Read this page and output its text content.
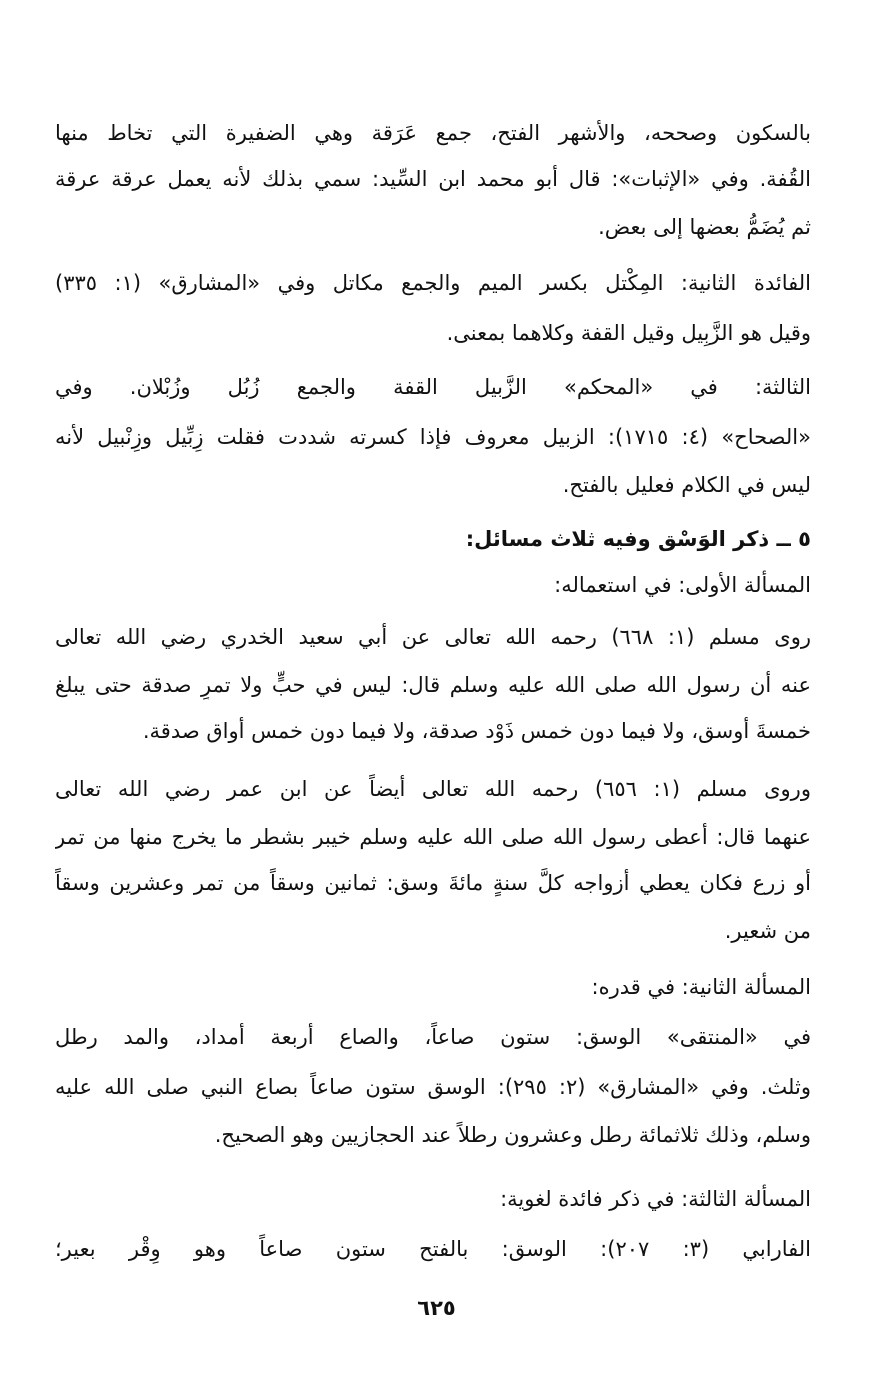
بالسكون وصححه، والأشهر الفتح، جمع عَرَقة وهي الضفيرة التي تخاط منها
القُفة. وفي «الإثبات»: قال أبو محمد ابن السِّيد: سمي بذلك لأنه يعمل عرقة عرقة
ثم يُضَمُّ بعضها إلى بعض.
الفائدة الثانية: المِكْتل بكسر الميم والجمع مكاتل وفي «المشارق» (١: ٣٣٥)
وقيل هو الزَّبِيل وقيل القفة وكلاهما بمعنى.
الثالثة: في «المحكم» الزَّبيل القفة والجمع زُبُل وزُبْلان. وفي
«الصحاح» (٤: ١٧١٥): الزبيل معروف فإذا كسرته شددت فقلت زِبِّيل وزِنْبيل لأنه
ليس في الكلام فعليل بالفتح.
٥ ــ ذكر الوَسْق وفيه ثلاث مسائل:
المسألة الأولى: في استعماله:
روى مسلم (١: ٦٦٨) رحمه الله تعالى عن أبي سعيد الخدري رضي الله تعالى
عنه أن رسول الله صلى الله عليه وسلم قال: ليس في حبٍّ ولا تمرٍ صدقة حتى يبلغ
خمسةَ أوسق، ولا فيما دون خمس ذَوْد صدقة، ولا فيما دون خمس أواق صدقة.
وروى مسلم (١: ٦٥٦) رحمه الله تعالى أيضاً عن ابن عمر رضي الله تعالى
عنهما قال: أعطى رسول الله صلى الله عليه وسلم خيبر بشطر ما يخرج منها من تمر
أو زرع فكان يعطي أزواجه كلَّ سنةٍ مائةَ وسق: ثمانين وسقاً من تمر وعشرين وسقاً
من شعير.
المسألة الثانية: في قدره:
في «المنتقى» الوسق: ستون صاعاً، والصاع أربعة أمداد، والمد رطل
وثلث. وفي «المشارق» (٢: ٢٩٥): الوسق ستون صاعاً بصاع النبي صلى الله عليه
وسلم، وذلك ثلاثمائة رطل وعشرون رطلاً عند الحجازيين وهو الصحيح.
المسألة الثالثة: في ذكر فائدة لغوية:
الفارابي (٣: ٢٠٧): الوسق: بالفتح ستون صاعاً وهو وِقْر بعير؛
٦٢٥
